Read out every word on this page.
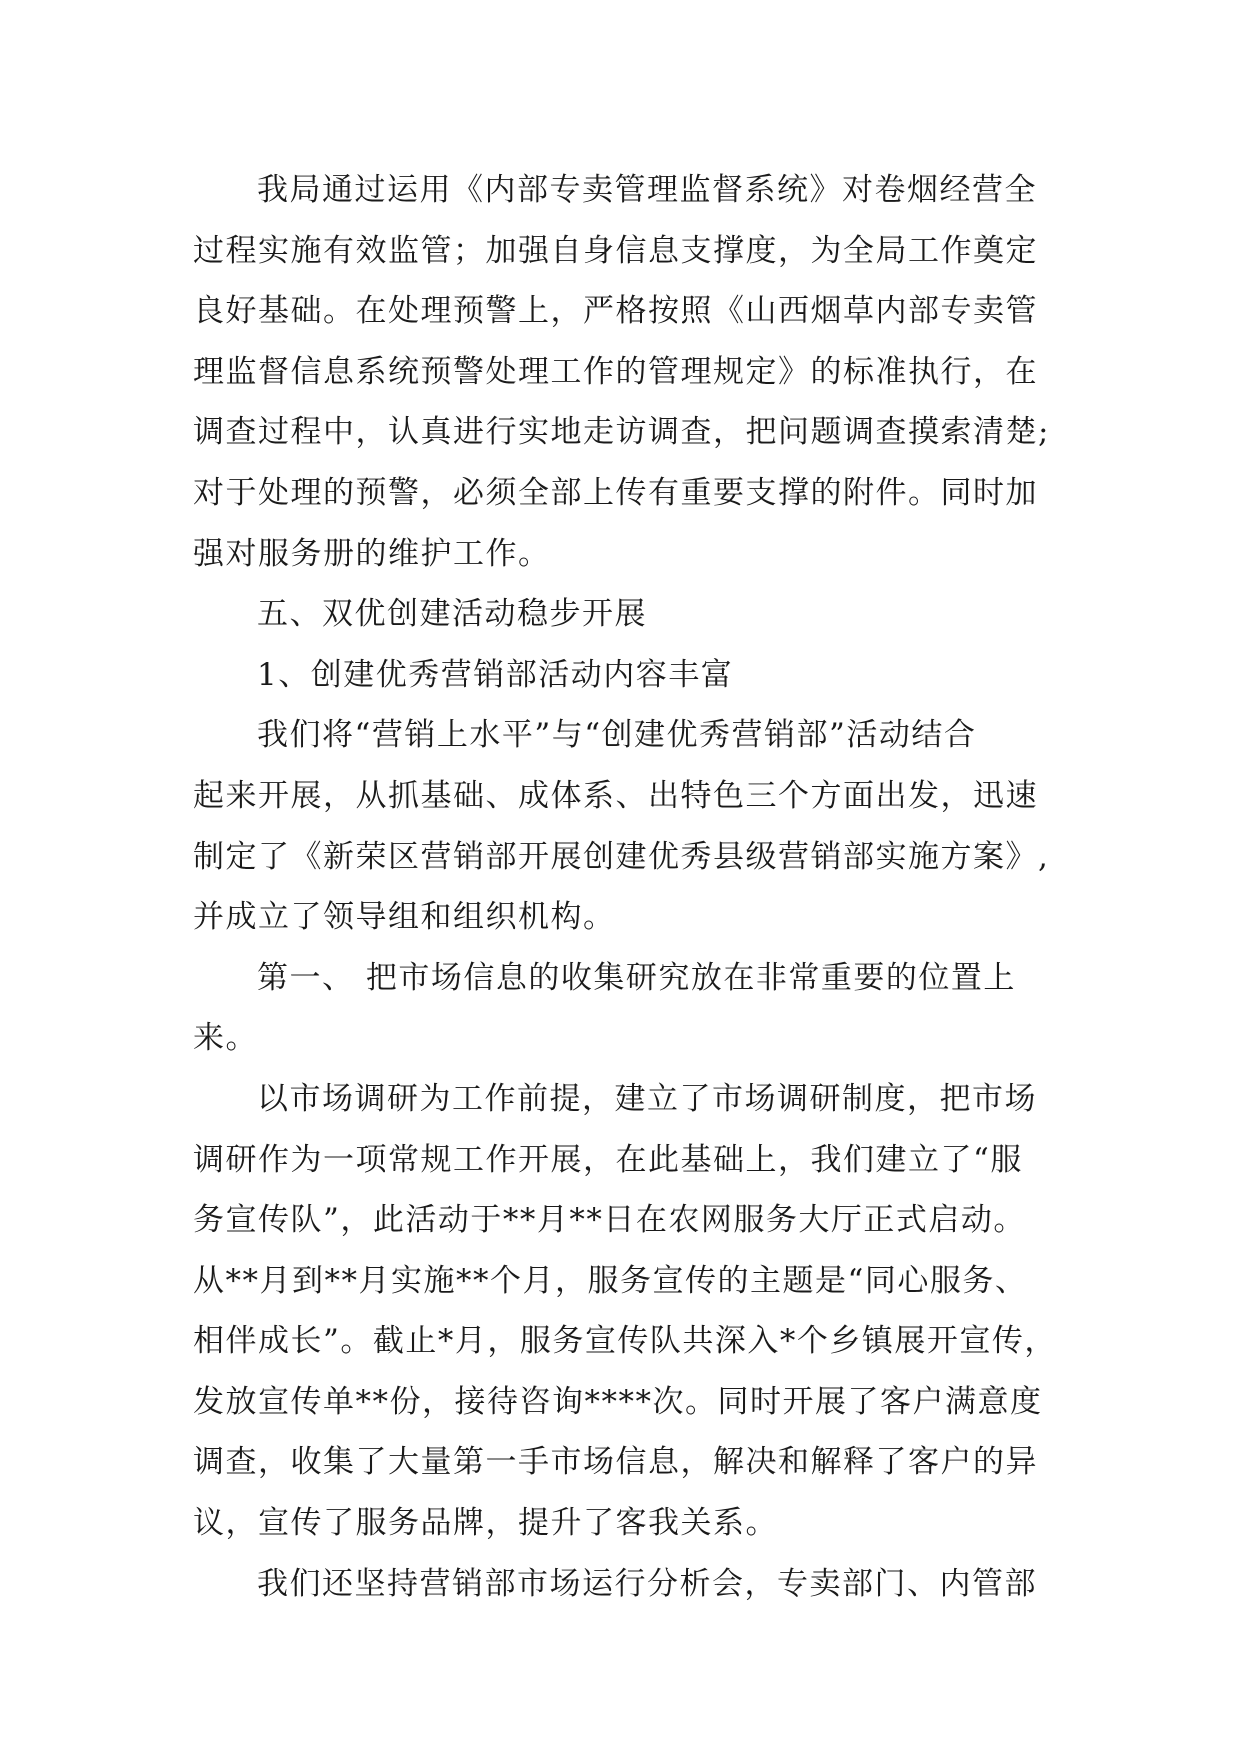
我局通过运用《内部专卖管理监督系统》对卷烟经营全
过程实施有效监管；加强自身信息支撑度，为全局工作奠定
良好基础。在处理预警上，严格按照《山西烟草内部专卖管
理监督信息系统预警处理工作的管理规定》的标准执行，在
调查过程中，认真进行实地走访调查，把问题调查摸索清楚;
对于处理的预警，必须全部上传有重要支撑的附件。同时加
强对服务册的维护工作。
五、双优创建活动稳步开展
1、创建优秀营销部活动内容丰富
我们将“营销上水平”与“创建优秀营销部”活动结合
起来开展，从抓基础、成体系、出特色三个方面出发，迅速
制定了《新荣区营销部开展创建优秀县级营销部实施方案》,
并成立了领导组和组织机构。
第一、 把市场信息的收集研究放在非常重要的位置上
来。
以市场调研为工作前提，建立了市场调研制度，把市场
调研作为一项常规工作开展，在此基础上，我们建立了“服
务宣传队”，此活动于**月**日在农网服务大厅正式启动。
从**月到**月实施**个月，服务宣传的主题是“同心服务、
相伴成长”。截止*月，服务宣传队共深入*个乡镇展开宣传，
发放宣传单**份，接待咨询****次。同时开展了客户满意度
调查，收集了大量第一手市场信息，解决和解释了客户的异
议，宣传了服务品牌，提升了客我关系。
我们还坚持营销部市场运行分析会，专卖部门、内管部
